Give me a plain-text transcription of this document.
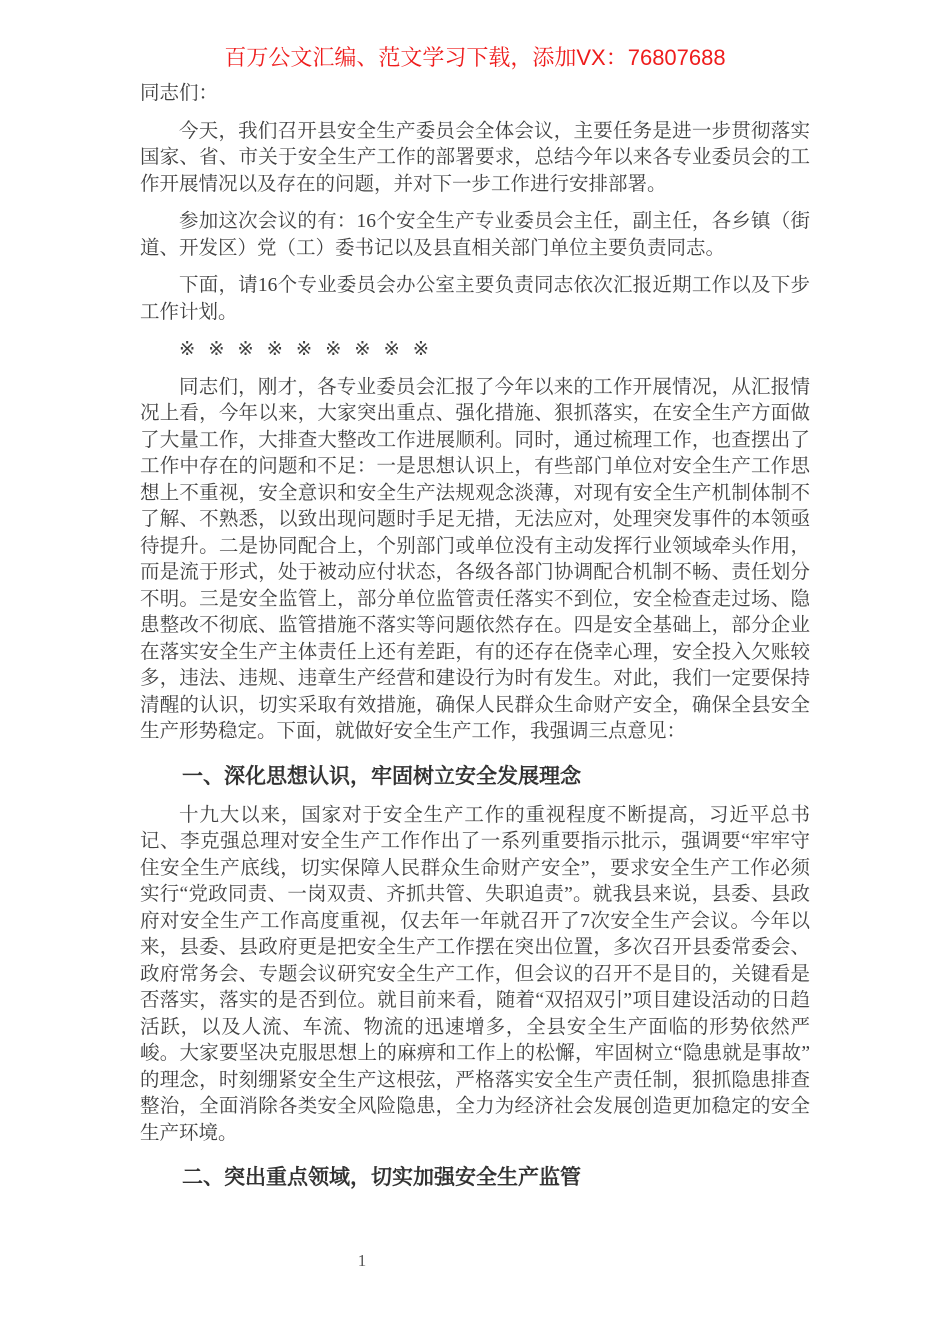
百万公文汇编、范文学习下载，添加VX：76807688

同志们：

今天，我们召开县安全生产委员会全体会议，主要任务是进一步贯彻落实国家、省、市关于安全生产工作的部署要求，总结今年以来各专业委员会的工作开展情况以及存在的问题，并对下一步工作进行安排部署。

参加这次会议的有：16个安全生产专业委员会主任，副主任，各乡镇（街道、开发区）党（工）委书记以及县直相关部门单位主要负责同志。

下面，请16个专业委员会办公室主要负责同志依次汇报近期工作以及下步工作计划。

※ ※ ※ ※ ※ ※ ※ ※ ※

同志们，刚才，各专业委员会汇报了今年以来的工作开展情况，从汇报情况上看，今年以来，大家突出重点、强化措施、狠抓落实，在安全生产方面做了大量工作，大排查大整改工作进展顺利。同时，通过梳理工作，也查摆出了工作中存在的问题和不足：一是思想认识上，有些部门单位对安全生产工作思想上不重视，安全意识和安全生产法规观念淡薄，对现有安全生产机制体制不了解、不熟悉，以致出现问题时手足无措，无法应对，处理突发事件的本领亟待提升。二是协同配合上，个别部门或单位没有主动发挥行业领域牵头作用，而是流于形式，处于被动应付状态，各级各部门协调配合机制不畅、责任划分不明。三是安全监管上，部分单位监管责任落实不到位，安全检查走过场、隐患整改不彻底、监管措施不落实等问题依然存在。四是安全基础上，部分企业在落实安全生产主体责任上还有差距，有的还存在侥幸心理，安全投入欠账较多，违法、违规、违章生产经营和建设行为时有发生。对此，我们一定要保持清醒的认识，切实采取有效措施，确保人民群众生命财产安全，确保全县安全生产形势稳定。下面，就做好安全生产工作，我强调三点意见：

一、深化思想认识，牢固树立安全发展理念

十九大以来，国家对于安全生产工作的重视程度不断提高，习近平总书记、李克强总理对安全生产工作作出了一系列重要指示批示，强调要“牢牢守住安全生产底线，切实保障人民群众生命财产安全”，要求安全生产工作必须实行“党政同责、一岗双责、齐抓共管、失职追责”。就我县来说，县委、县政府对安全生产工作高度重视，仅去年一年就召开了7次安全生产会议。今年以来，县委、县政府更是把安全生产工作摆在突出位置，多次召开县委常委会、政府常务会、专题会议研究安全生产工作，但会议的召开不是目的，关键看是否落实，落实的是否到位。就目前来看，随着“双招双引”项目建设活动的日趋活跃，以及人流、车流、物流的迅速增多，全县安全生产面临的形势依然严峻。大家要坚决克服思想上的麻痹和工作上的松懈，牢固树立“隐患就是事故”的理念，时刻绷紧安全生产这根弦，严格落实安全生产责任制，狠抓隐患排查整治，全面消除各类安全风险隐患，全力为经济社会发展创造更加稳定的安全生产环境。

二、突出重点领域，切实加强安全生产监管
1
